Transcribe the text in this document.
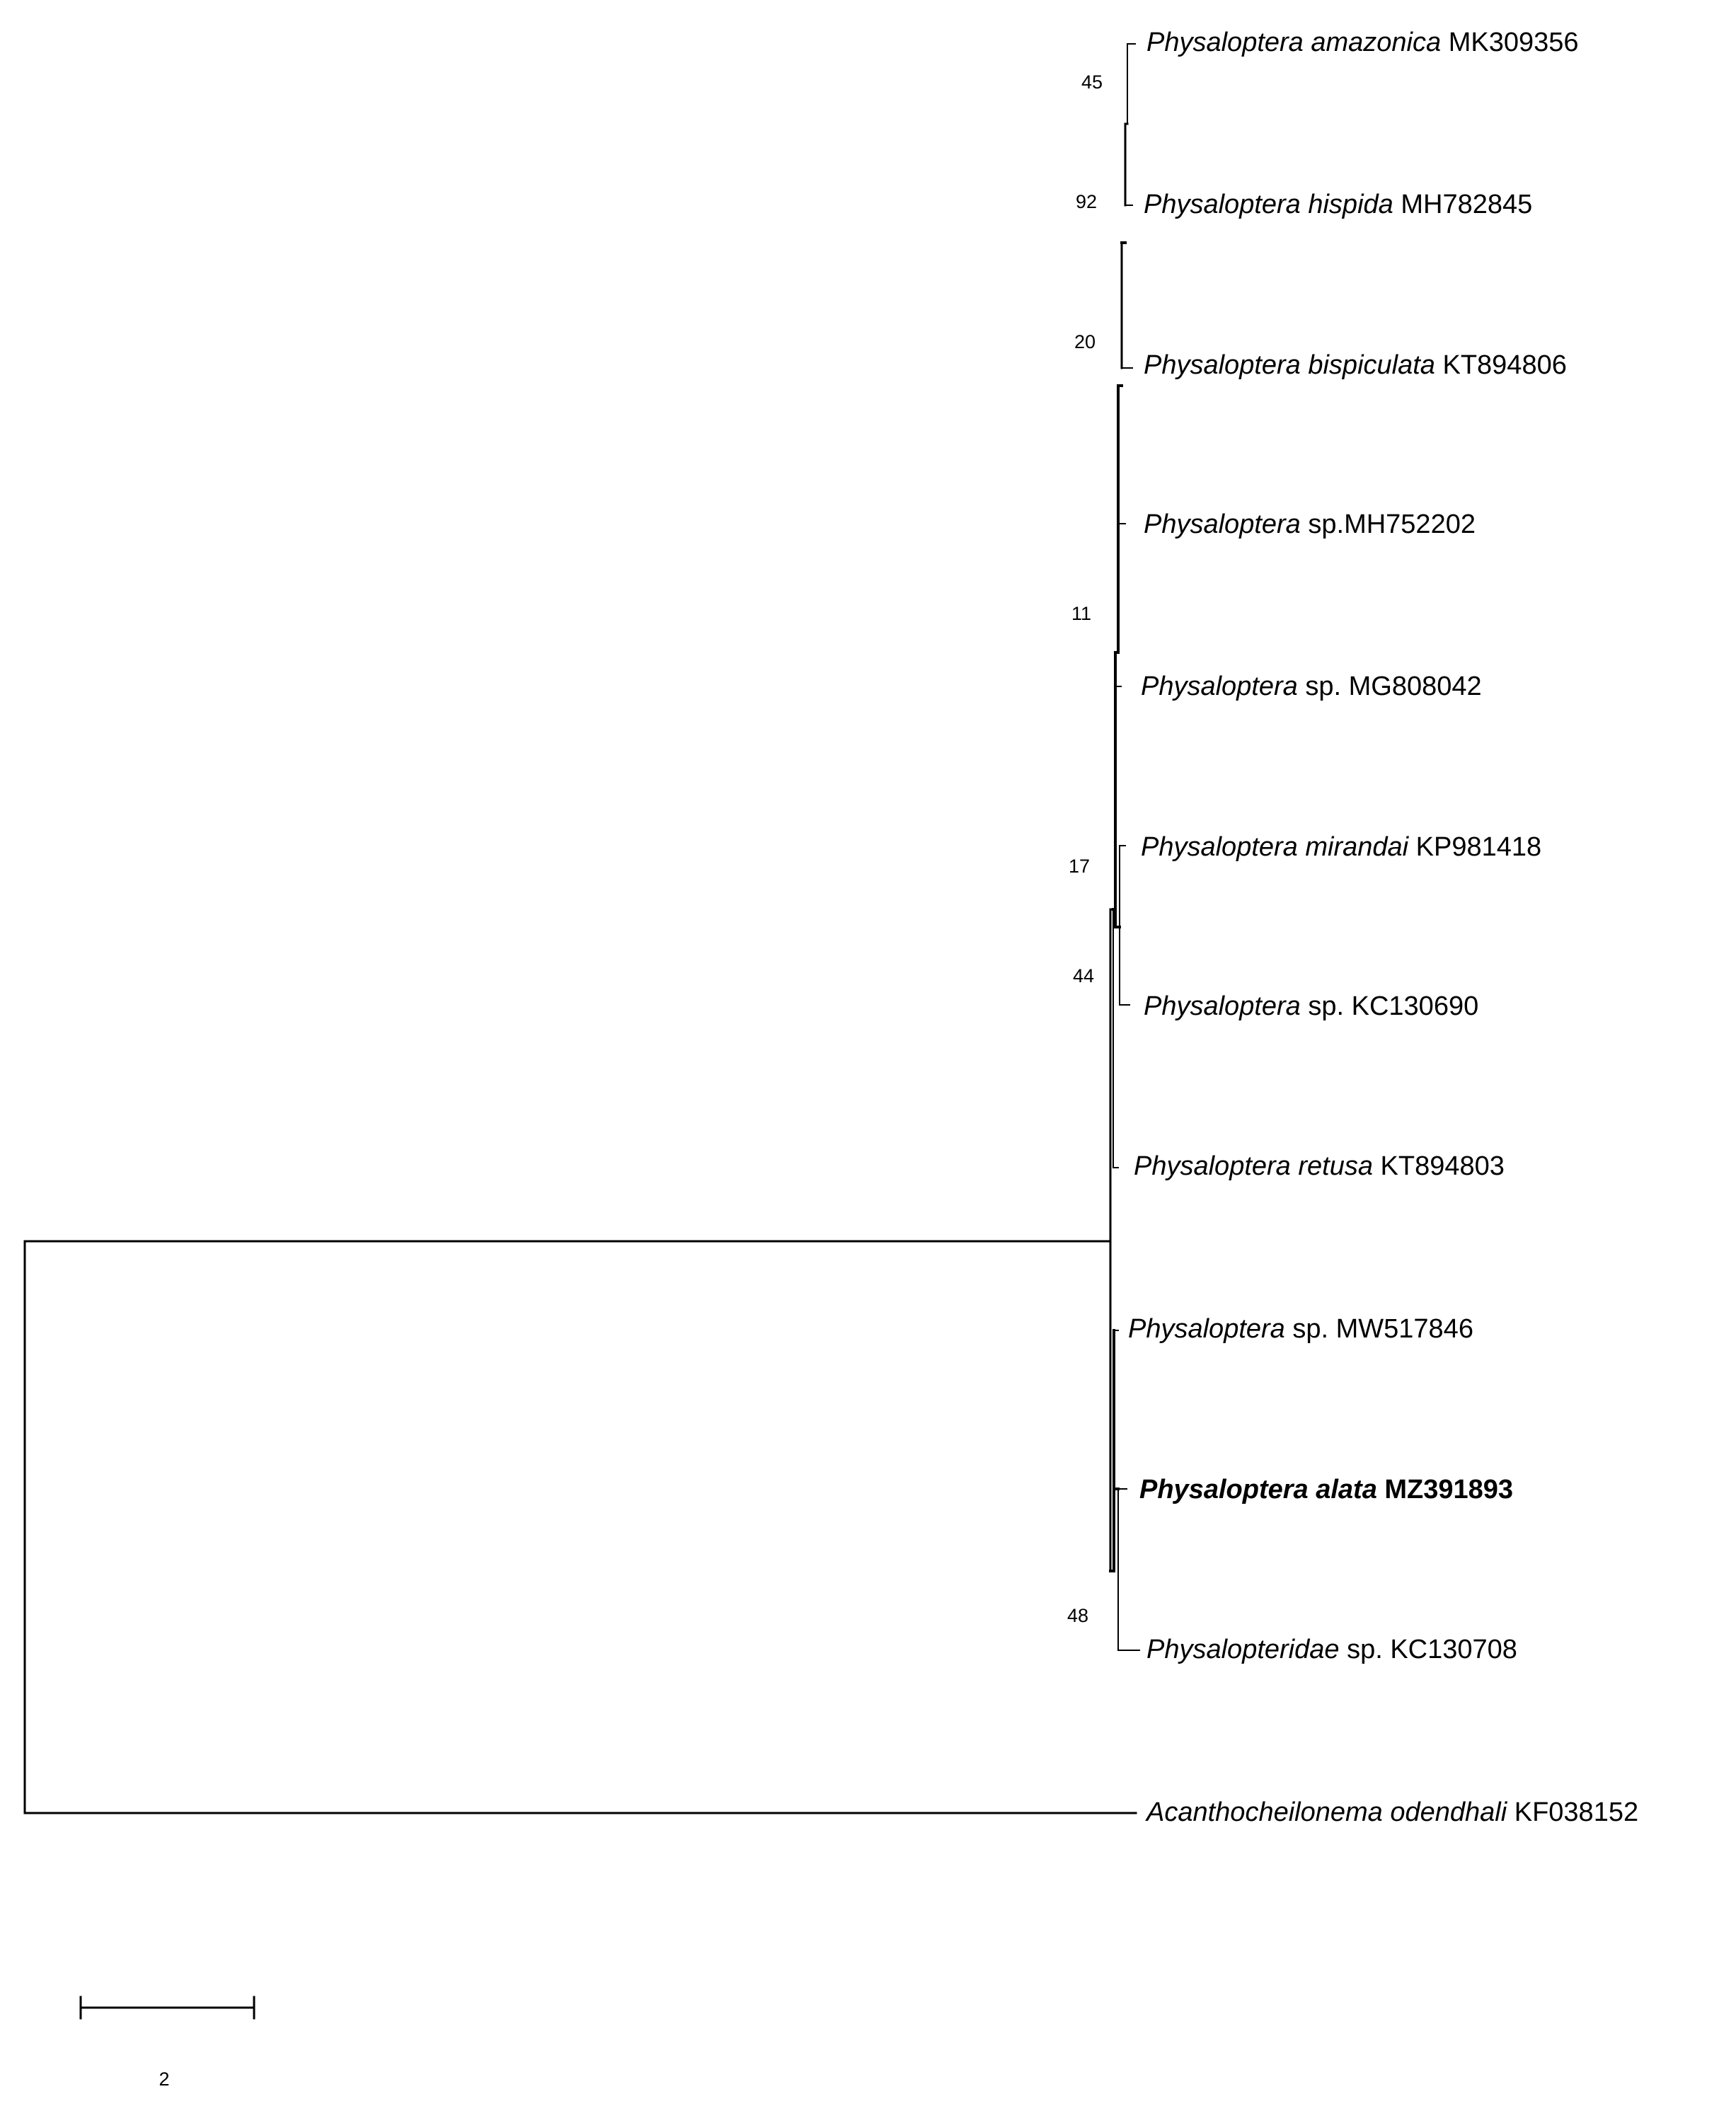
Physaloptera amazonica MK309356
Physaloptera hispida MH782845
Physaloptera bispiculata KT894806
Physaloptera sp.MH752202
Physaloptera sp. MG808042
Physaloptera mirandai KP981418
Physaloptera sp. KC130690
Physaloptera retusa KT894803
Physaloptera sp. MW517846
Physaloptera alata MZ391893
Physalopteridae sp. KC130708
Acanthocheilonema odendhali KF038152
45
92
20
11
17
44
48
2
